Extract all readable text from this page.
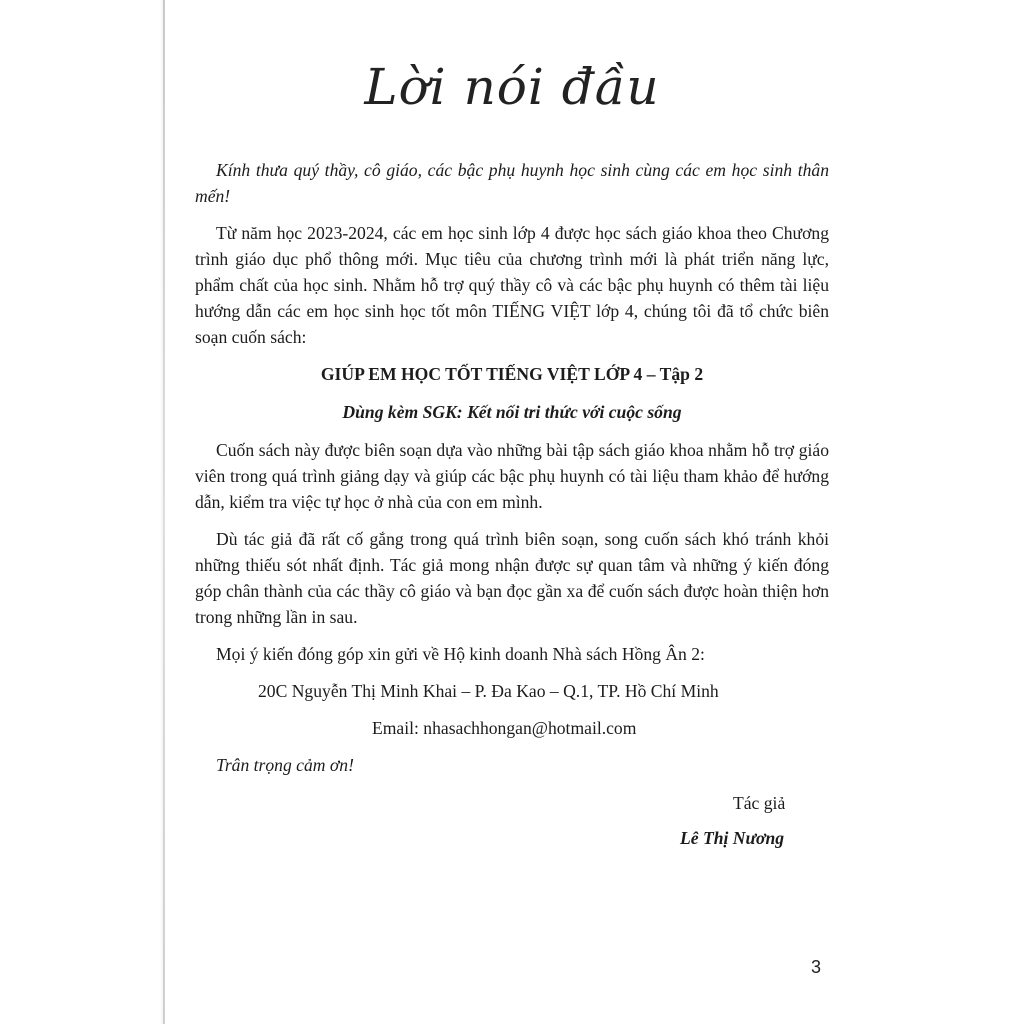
Lời nói đầu

Kính thưa quý thầy, cô giáo, các bậc phụ huynh học sinh cùng các em học sinh thân mến!

Từ năm học 2023-2024, các em học sinh lớp 4 được học sách giáo khoa theo Chương trình giáo dục phổ thông mới. Mục tiêu của chương trình mới là phát triển năng lực, phẩm chất của học sinh. Nhằm hỗ trợ quý thầy cô và các bậc phụ huynh có thêm tài liệu hướng dẫn các em học sinh học tốt môn TIẾNG VIỆT lớp 4, chúng tôi đã tổ chức biên soạn cuốn sách:

GIÚP EM HỌC TỐT TIẾNG VIỆT LỚP 4 – Tập 2
Dùng kèm SGK: Kết nối tri thức với cuộc sống

Cuốn sách này được biên soạn dựa vào những bài tập sách giáo khoa nhằm hỗ trợ giáo viên trong quá trình giảng dạy và giúp các bậc phụ huynh có tài liệu tham khảo để hướng dẫn, kiểm tra việc tự học ở nhà của con em mình.

Dù tác giả đã rất cố gắng trong quá trình biên soạn, song cuốn sách khó tránh khỏi những thiếu sót nhất định. Tác giả mong nhận được sự quan tâm và những ý kiến đóng góp chân thành của các thầy cô giáo và bạn đọc gần xa để cuốn sách được hoàn thiện hơn trong những lần in sau.

Mọi ý kiến đóng góp xin gửi về Hộ kinh doanh Nhà sách Hồng Ân 2:
20C Nguyễn Thị Minh Khai – P. Đa Kao – Q.1, TP. Hồ Chí Minh
Email: nhasachhongan@hotmail.com
Trân trọng cảm ơn!
Tác giả
Lê Thị Nương
3
